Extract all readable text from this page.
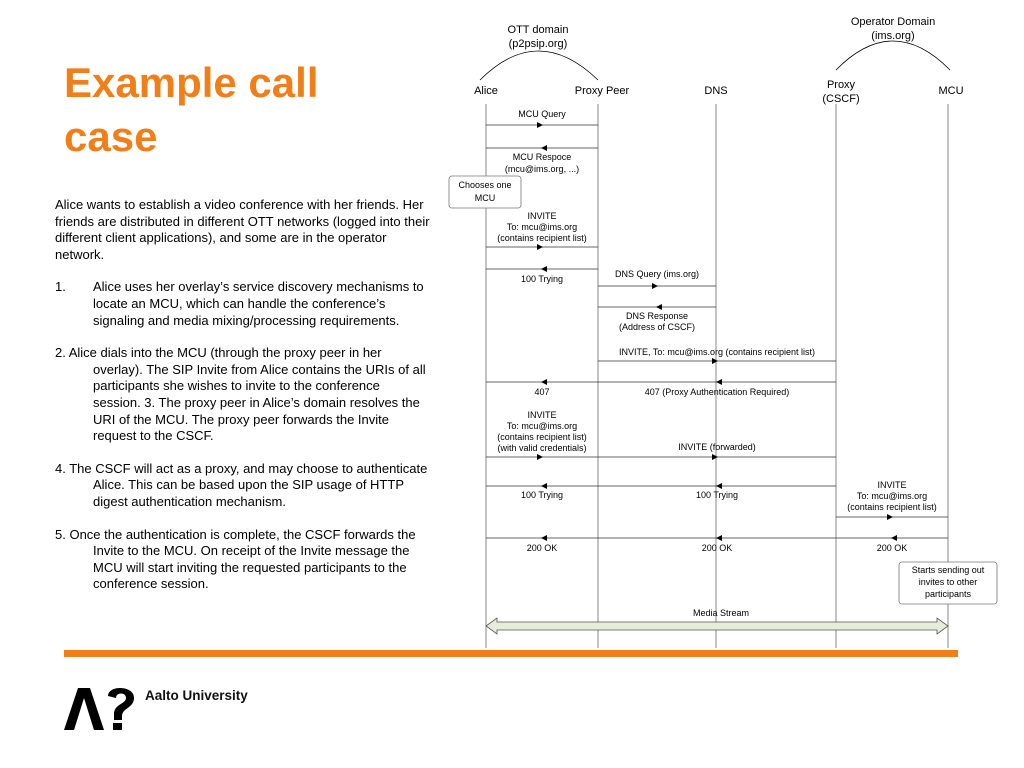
Example call case

Alice wants to establish a video conference with her friends. Her friends are distributed in different OTT networks (logged into their different client applications), and some are in the operator network.

1.	Alice uses her overlay’s service discovery mechanisms to locate an MCU, which can handle the conference’s signaling and media mixing/processing requirements.
2. Alice dials into the MCU (through the proxy peer in her overlay). The SIP Invite from Alice contains the URIs of all participants she wishes to invite to the conference session. 3. The proxy peer in Alice’s domain resolves the URI of the MCU. The proxy peer forwards the Invite request to the CSCF.
4. The CSCF will act as a proxy, and may choose to authenticate Alice. This can be based upon the SIP usage of HTTP digest authentication mechanism.
5. Once the authentication is complete, the CSCF forwards the Invite to the MCU. On receipt of the Invite message the MCU will start inviting the requested participants to the conference session.
OTT domain
(p2psip.org)
Operator Domain
(ims.org)
Alice	Proxy Peer	DNS	Proxy
(CSCF)
MCU
MCU Query
MCU Respoce
(mcu@ims.org, ...)
INVITE
To: mcu@ims.org
(contains recipient list)
100 Trying	DNS Query (ims.org)
DNS Response
(Address of CSCF)
INVITE, To: mcu@ims.org (contains recipient list)
407	407 (Proxy Authentication Required)
INVITE
To: mcu@ims.org
(contains recipient list)
(with valid credentials)	INVITE (forwarded)
100 Trying	100 Trying
INVITE
To: mcu@ims.org
(contains recipient list)
200 OK	200 OK	200 OK
Media Stream
Chooses one
MCU
Starts sending out
invites to other
participants
Aalto University
